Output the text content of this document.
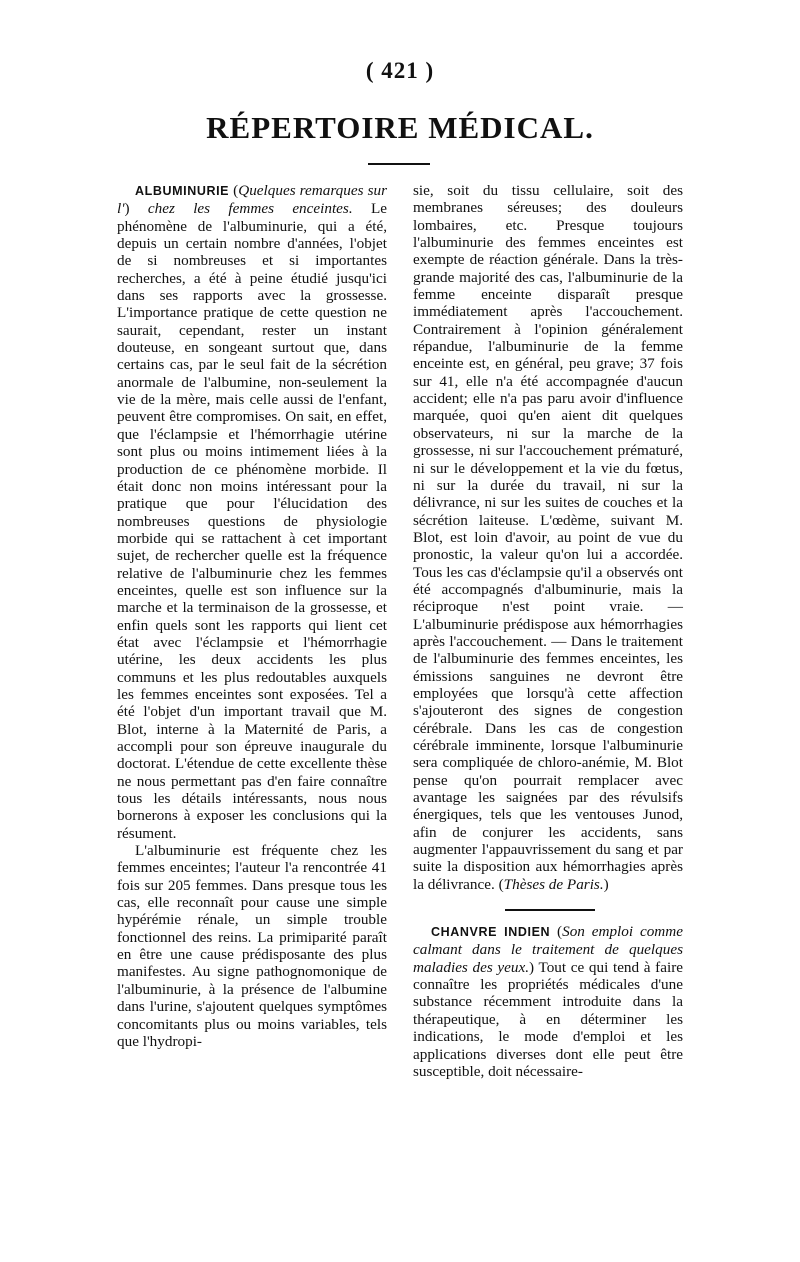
( 421 )
RÉPERTOIRE MÉDICAL.

ALBUMINURIE (Quelques remarques sur l') chez les femmes enceintes. Le phénomène de l'albuminurie, qui a été, depuis un certain nombre d'années, l'objet de si nombreuses et si importantes recherches, a été à peine étudié jusqu'ici dans ses rapports avec la grossesse. L'importance pratique de cette question ne saurait, cependant, rester un instant douteuse, en songeant surtout que, dans certains cas, par le seul fait de la sécrétion anormale de l'albumine, non-seulement la vie de la mère, mais celle aussi de l'enfant, peuvent être compromises. On sait, en effet, que l'éclampsie et l'hémorrhagie utérine sont plus ou moins intimement liées à la production de ce phénomène morbide. Il était donc non moins intéressant pour la pratique que pour l'élucidation des nombreuses questions de physiologie morbide qui se rattachent à cet important sujet, de rechercher quelle est la fréquence relative de l'albuminurie chez les femmes enceintes, quelle est son influence sur la marche et la terminaison de la grossesse, et enfin quels sont les rapports qui lient cet état avec l'éclampsie et l'hémorrhagie utérine, les deux accidents les plus communs et les plus redoutables auxquels les femmes enceintes sont exposées. Tel a été l'objet d'un important travail que M. Blot, interne à la Maternité de Paris, a accompli pour son épreuve inaugurale du doctorat. L'étendue de cette excellente thèse ne nous permettant pas d'en faire connaître tous les détails intéressants, nous nous bornerons à exposer les conclusions qui la résument.

L'albuminurie est fréquente chez les femmes enceintes; l'auteur l'a rencontrée 41 fois sur 205 femmes. Dans presque tous les cas, elle reconnaît pour cause une simple hypérémie rénale, un simple trouble fonctionnel des reins. La primiparité paraît en être une cause prédisposante des plus manifestes. Au signe pathognomonique de l'albuminurie, à la présence de l'albumine dans l'urine, s'ajoutent quelques symptômes concomitants plus ou moins variables, tels que l'hydropi-

sie, soit du tissu cellulaire, soit des membranes séreuses; des douleurs lombaires, etc. Presque toujours l'albuminurie des femmes enceintes est exempte de réaction générale. Dans la très-grande majorité des cas, l'albuminurie de la femme enceinte disparaît presque immédiatement après l'accouchement. Contrairement à l'opinion généralement répandue, l'albuminurie de la femme enceinte est, en général, peu grave; 37 fois sur 41, elle n'a été accompagnée d'aucun accident; elle n'a pas paru avoir d'influence marquée, quoi qu'en aient dit quelques observateurs, ni sur la marche de la grossesse, ni sur l'accouchement prématuré, ni sur le développement et la vie du fœtus, ni sur la durée du travail, ni sur la délivrance, ni sur les suites de couches et la sécrétion laiteuse. L'œdème, suivant M. Blot, est loin d'avoir, au point de vue du pronostic, la valeur qu'on lui a accordée. Tous les cas d'éclampsie qu'il a observés ont été accompagnés d'albuminurie, mais la réciproque n'est point vraie. — L'albuminurie prédispose aux hémorrhagies après l'accouchement. — Dans le traitement de l'albuminurie des femmes enceintes, les émissions sanguines ne devront être employées que lorsqu'à cette affection s'ajouteront des signes de congestion cérébrale. Dans les cas de congestion cérébrale imminente, lorsque l'albuminurie sera compliquée de chloro-anémie, M. Blot pense qu'on pourrait remplacer avec avantage les saignées par des révulsifs énergiques, tels que les ventouses Junod, afin de conjurer les accidents, sans augmenter l'appauvrissement du sang et par suite la disposition aux hémorrhagies après la délivrance. (Thèses de Paris.)

CHANVRE INDIEN (Son emploi comme calmant dans le traitement de quelques maladies des yeux.) Tout ce qui tend à faire connaître les propriétés médicales d'une substance récemment introduite dans la thérapeutique, à en déterminer les indications, le mode d'emploi et les applications diverses dont elle peut être susceptible, doit nécessaire-
